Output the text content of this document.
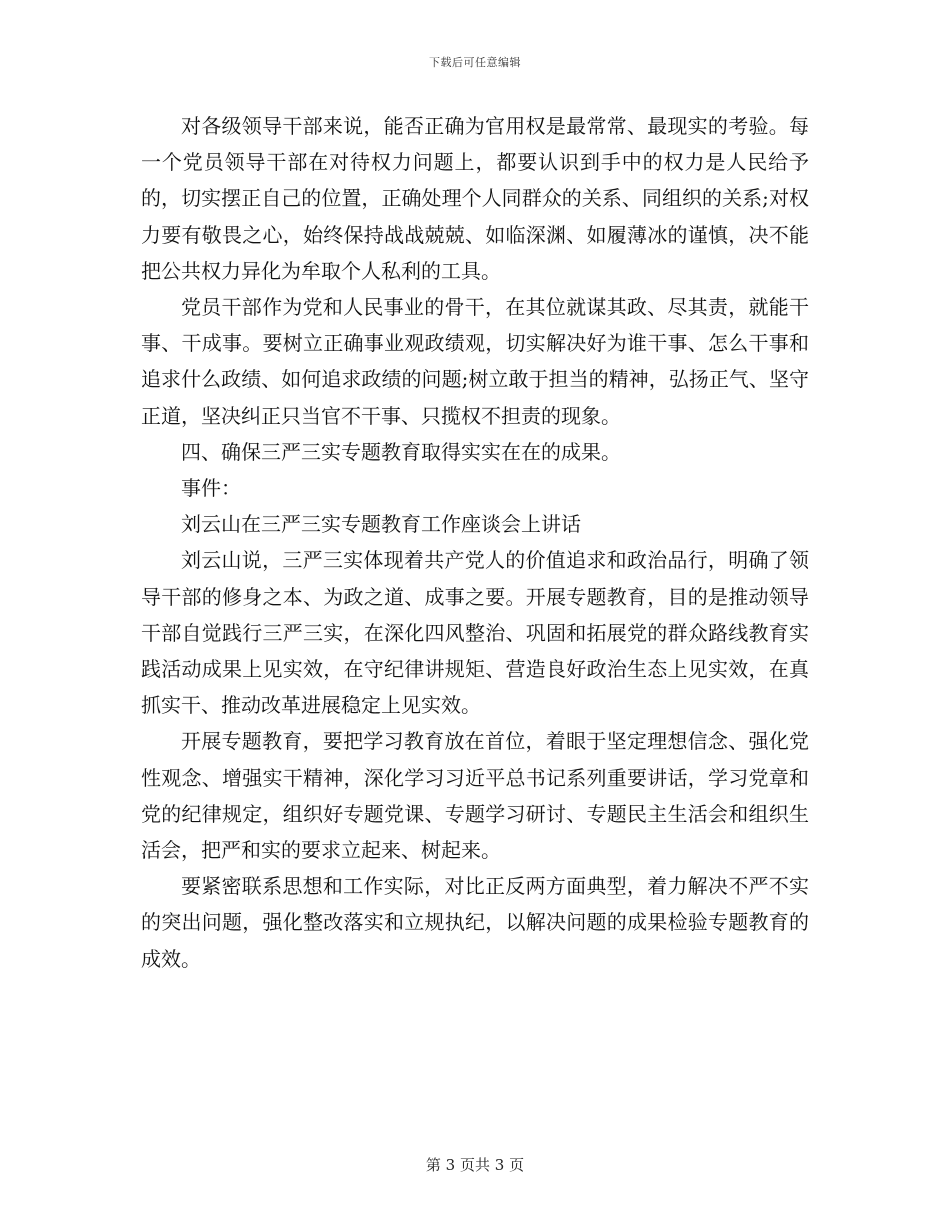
下载后可任意编辑

对各级领导干部来说，能否正确为官用权是最常常、最现实的考验。每一个党员领导干部在对待权力问题上，都要认识到手中的权力是人民给予的，切实摆正自己的位置，正确处理个人同群众的关系、同组织的关系;对权力要有敬畏之心，始终保持战战兢兢、如临深渊、如履薄冰的谨慎，决不能把公共权力异化为牟取个人私利的工具。

党员干部作为党和人民事业的骨干，在其位就谋其政、尽其责，就能干事、干成事。要树立正确事业观政绩观，切实解决好为谁干事、怎么干事和追求什么政绩、如何追求政绩的问题;树立敢于担当的精神，弘扬正气、坚守正道，坚决纠正只当官不干事、只揽权不担责的现象。

四、确保三严三实专题教育取得实实在在的成果。

事件：

刘云山在三严三实专题教育工作座谈会上讲话

刘云山说，三严三实体现着共产党人的价值追求和政治品行，明确了领导干部的修身之本、为政之道、成事之要。开展专题教育，目的是推动领导干部自觉践行三严三实，在深化四风整治、巩固和拓展党的群众路线教育实践活动成果上见实效，在守纪律讲规矩、营造良好政治生态上见实效，在真抓实干、推动改革进展稳定上见实效。

开展专题教育，要把学习教育放在首位，着眼于坚定理想信念、强化党性观念、增强实干精神，深化学习习近平总书记系列重要讲话，学习党章和党的纪律规定，组织好专题党课、专题学习研讨、专题民主生活会和组织生活会，把严和实的要求立起来、树起来。

要紧密联系思想和工作实际，对比正反两方面典型，着力解决不严不实的突出问题，强化整改落实和立规执纪，以解决问题的成果检验专题教育的成效。

第 3 页共 3 页
